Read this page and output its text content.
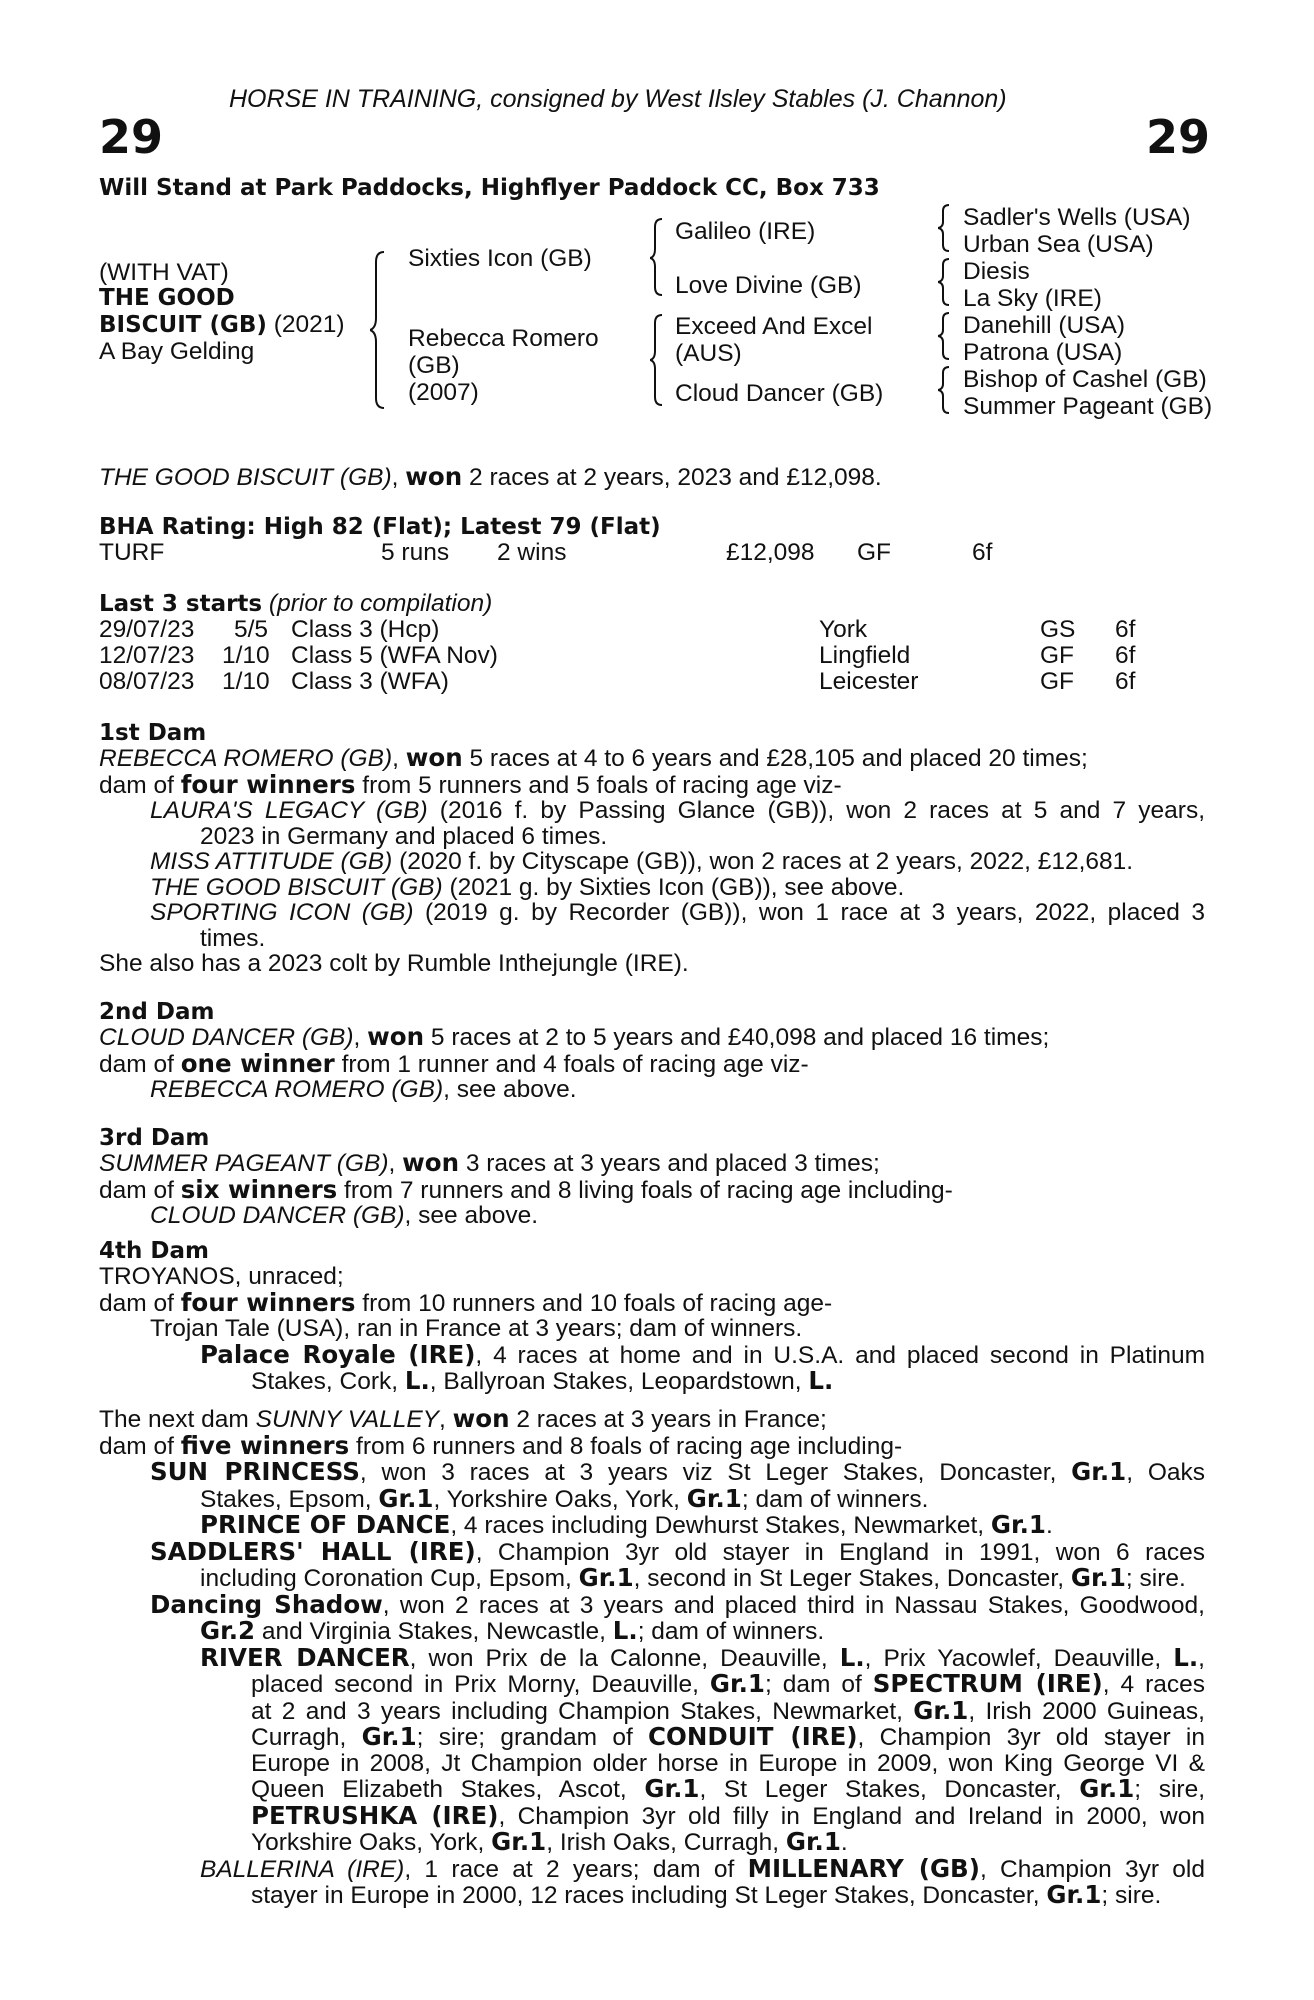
HORSE IN TRAINING, consigned by West Ilsley Stables (J. Channon)
29	29
Will Stand at Park Paddocks, Highflyer Paddock CC, Box 733
(WITH VAT)
THE GOOD
BISCUIT (GB) (2021)
A Bay Gelding
Sixties Icon (GB)
Rebecca Romero
(GB)
(2007)
Galileo (IRE)
Love Divine (GB)
Exceed And Excel
(AUS)
Cloud Dancer (GB)
Sadler's Wells (USA)
Urban Sea (USA)
Diesis
La Sky (IRE)
Danehill (USA)
Patrona (USA)
Bishop of Cashel (GB)
Summer Pageant (GB)
THE GOOD BISCUIT (GB), won 2 races at 2 years, 2023 and £12,098.
BHA Rating: High 82 (Flat); Latest 79 (Flat)
TURF	5 runs 2 wins	£12,098 GF	6f
Last 3 starts (prior to compilation)
29/07/23 5/5 Class 3 (Hcp)	York	GS 6f
12/07/23 1/10 Class 5 (WFA Nov)	Lingfield	GF 6f
08/07/23 1/10 Class 3 (WFA)	Leicester	GF 6f
1st Dam
REBECCA ROMERO (GB), won 5 races at 4 to 6 years and £28,105 and placed 20 times;
dam of four winners from 5 runners and 5 foals of racing age viz-
LAURA'S LEGACY (GB) (2016 f. by Passing Glance (GB)), won 2 races at 5 and 7 years,
2023 in Germany and placed 6 times.
MISS ATTITUDE (GB) (2020 f. by Cityscape (GB)), won 2 races at 2 years, 2022, £12,681.
THE GOOD BISCUIT (GB) (2021 g. by Sixties Icon (GB)), see above.
SPORTING ICON (GB) (2019 g. by Recorder (GB)), won 1 race at 3 years, 2022, placed 3
times.
She also has a 2023 colt by Rumble Inthejungle (IRE).
2nd Dam
CLOUD DANCER (GB), won 5 races at 2 to 5 years and £40,098 and placed 16 times;
dam of one winner from 1 runner and 4 foals of racing age viz-
REBECCA ROMERO (GB), see above.
3rd Dam
SUMMER PAGEANT (GB), won 3 races at 3 years and placed 3 times;
dam of six winners from 7 runners and 8 living foals of racing age including-
CLOUD DANCER (GB), see above.
4th Dam
TROYANOS, unraced;
dam of four winners from 10 runners and 10 foals of racing age-
Trojan Tale (USA), ran in France at 3 years; dam of winners.
Palace Royale (IRE), 4 races at home and in U.S.A. and placed second in Platinum
Stakes, Cork, L., Ballyroan Stakes, Leopardstown, L.
The next dam SUNNY VALLEY, won 2 races at 3 years in France;
dam of five winners from 6 runners and 8 foals of racing age including-
SUN PRINCESS, won 3 races at 3 years viz St Leger Stakes, Doncaster, Gr.1, Oaks
Stakes, Epsom, Gr.1, Yorkshire Oaks, York, Gr.1; dam of winners.
PRINCE OF DANCE, 4 races including Dewhurst Stakes, Newmarket, Gr.1.
SADDLERS' HALL (IRE), Champion 3yr old stayer in England in 1991, won 6 races
including Coronation Cup, Epsom, Gr.1, second in St Leger Stakes, Doncaster, Gr.1; sire.
Dancing Shadow, won 2 races at 3 years and placed third in Nassau Stakes, Goodwood,
Gr.2 and Virginia Stakes, Newcastle, L.; dam of winners.
RIVER DANCER, won Prix de la Calonne, Deauville, L., Prix Yacowlef, Deauville, L.,
placed second in Prix Morny, Deauville, Gr.1; dam of SPECTRUM (IRE), 4 races
at 2 and 3 years including Champion Stakes, Newmarket, Gr.1, Irish 2000 Guineas,
Curragh, Gr.1; sire; grandam of CONDUIT (IRE), Champion 3yr old stayer in
Europe in 2008, Jt Champion older horse in Europe in 2009, won King George VI &
Queen Elizabeth Stakes, Ascot, Gr.1, St Leger Stakes, Doncaster, Gr.1; sire,
PETRUSHKA (IRE), Champion 3yr old filly in England and Ireland in 2000, won
Yorkshire Oaks, York, Gr.1, Irish Oaks, Curragh, Gr.1.
BALLERINA (IRE), 1 race at 2 years; dam of MILLENARY (GB), Champion 3yr old
stayer in Europe in 2000, 12 races including St Leger Stakes, Doncaster, Gr.1; sire.
